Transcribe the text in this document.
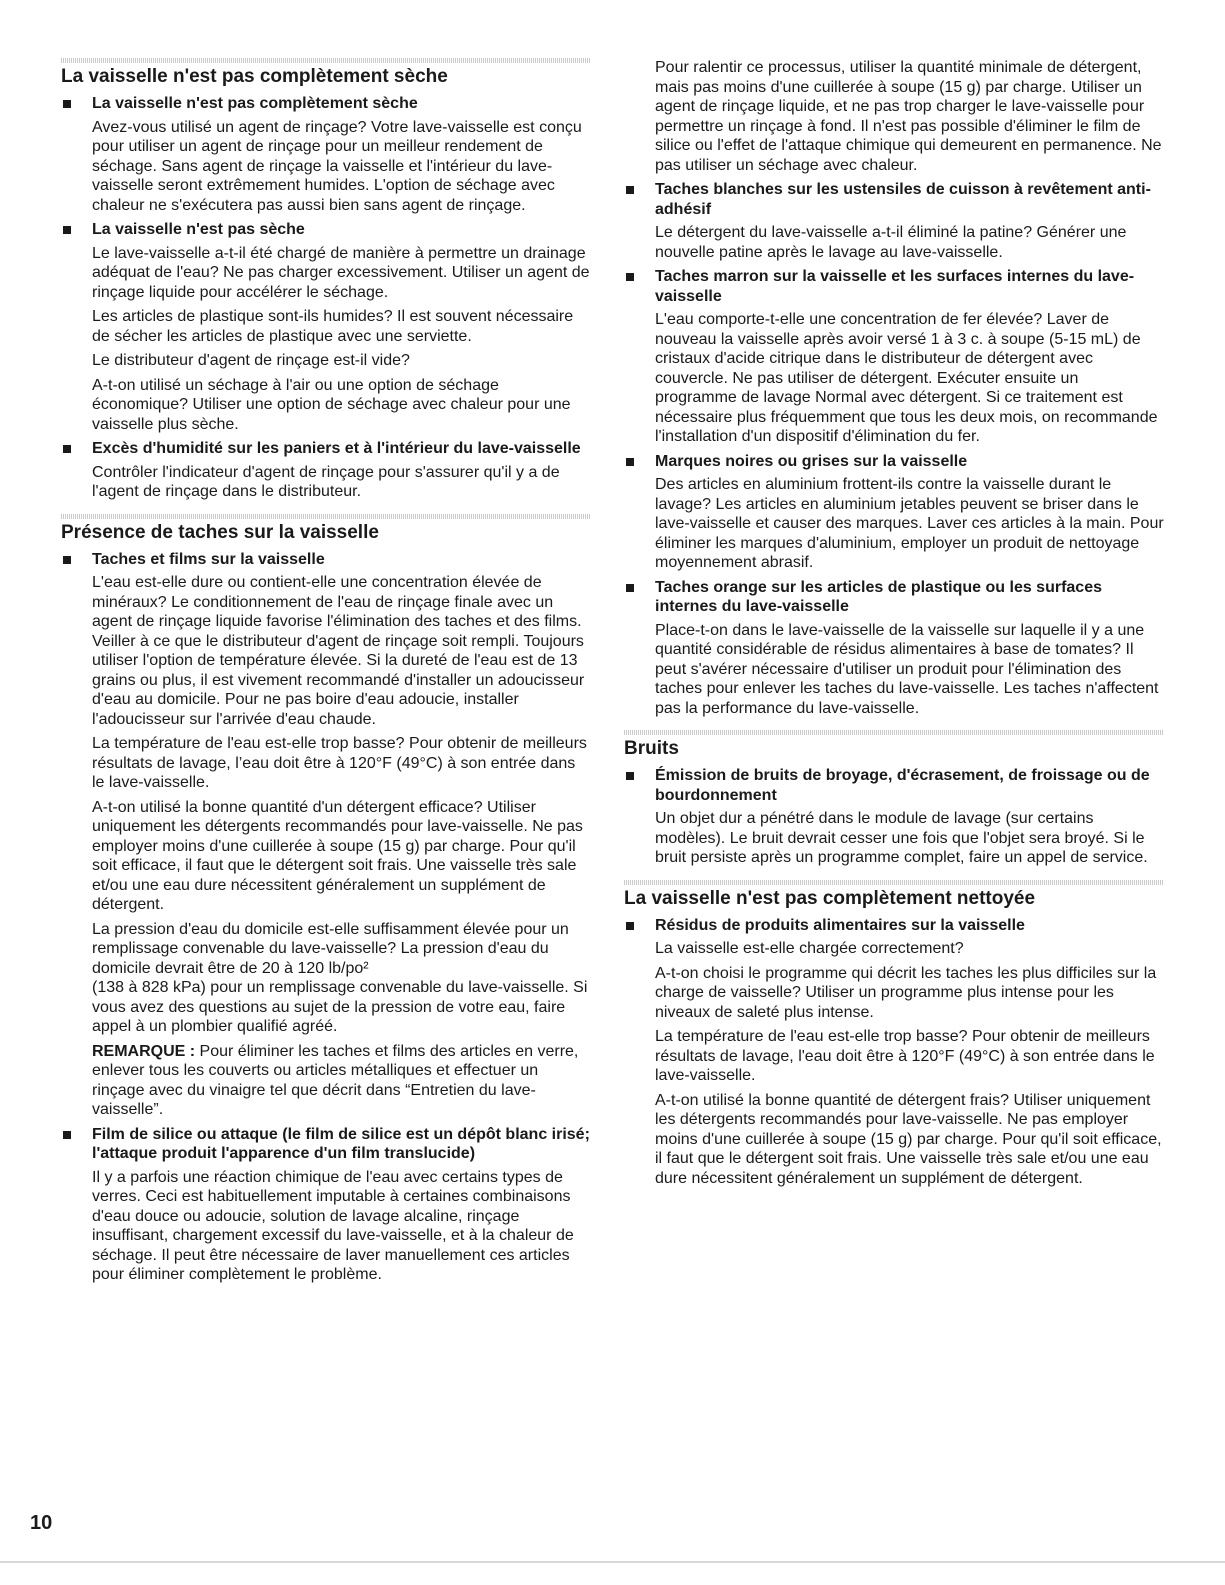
La vaisselle n'est pas complètement sèche
La vaisselle n'est pas complètement sèche
Avez-vous utilisé un agent de rinçage? Votre lave-vaisselle est conçu pour utiliser un agent de rinçage pour un meilleur rendement de séchage. Sans agent de rinçage la vaisselle et l'intérieur du lave-vaisselle seront extrêmement humides. L'option de séchage avec chaleur ne s'exécutera pas aussi bien sans agent de rinçage.
La vaisselle n'est pas sèche
Le lave-vaisselle a-t-il été chargé de manière à permettre un drainage adéquat de l'eau? Ne pas charger excessivement. Utiliser un agent de rinçage liquide pour accélérer le séchage.
Les articles de plastique sont-ils humides? Il est souvent nécessaire de sécher les articles de plastique avec une serviette.
Le distributeur d'agent de rinçage est-il vide?
A-t-on utilisé un séchage à l'air ou une option de séchage économique? Utiliser une option de séchage avec chaleur pour une vaisselle plus sèche.
Excès d'humidité sur les paniers et à l'intérieur du lave-vaisselle
Contrôler l'indicateur d'agent de rinçage pour s'assurer qu'il y a de l'agent de rinçage dans le distributeur.
Présence de taches sur la vaisselle
Taches et films sur la vaisselle
L'eau est-elle dure ou contient-elle une concentration élevée de minéraux? Le conditionnement de l'eau de rinçage finale avec un agent de rinçage liquide favorise l'élimination des taches et des films. Veiller à ce que le distributeur d'agent de rinçage soit rempli. Toujours utiliser l'option de température élevée. Si la dureté de l'eau est de 13 grains ou plus, il est vivement recommandé d'installer un adoucisseur d'eau au domicile. Pour ne pas boire d'eau adoucie, installer l'adoucisseur sur l'arrivée d'eau chaude.
La température de l'eau est-elle trop basse? Pour obtenir de meilleurs résultats de lavage, l’eau doit être à 120°F (49°C) à son entrée dans le lave-vaisselle.
A-t-on utilisé la bonne quantité d'un détergent efficace? Utiliser uniquement les détergents recommandés pour lave-vaisselle. Ne pas employer moins d'une cuillerée à soupe (15 g) par charge. Pour qu'il soit efficace, il faut que le détergent soit frais. Une vaisselle très sale et/ou une eau dure nécessitent généralement un supplément de détergent.
La pression d'eau du domicile est-elle suffisamment élevée pour un remplissage convenable du lave-vaisselle? La pression d'eau du domicile devrait être de 20 à 120 lb/po²
(138 à 828 kPa) pour un remplissage convenable du lave-vaisselle. Si vous avez des questions au sujet de la pression de votre eau, faire appel à un plombier qualifié agréé.
REMARQUE : Pour éliminer les taches et films des articles en verre, enlever tous les couverts ou articles métalliques et effectuer un rinçage avec du vinaigre tel que décrit dans “Entretien du lave-vaisselle”.
Film de silice ou attaque (le film de silice est un dépôt blanc irisé; l'attaque produit l'apparence d'un film translucide)
Il y a parfois une réaction chimique de l'eau avec certains types de verres. Ceci est habituellement imputable à certaines combinaisons d'eau douce ou adoucie, solution de lavage alcaline, rinçage insuffisant, chargement excessif du lave-vaisselle, et à la chaleur de séchage. Il peut être nécessaire de laver manuellement ces articles pour éliminer complètement le problème.
Pour ralentir ce processus, utiliser la quantité minimale de détergent, mais pas moins d'une cuillerée à soupe (15 g) par charge. Utiliser un agent de rinçage liquide, et ne pas trop charger le lave-vaisselle pour permettre un rinçage à fond. Il n'est pas possible d'éliminer le film de silice ou l'effet de l'attaque chimique qui demeurent en permanence. Ne pas utiliser un séchage avec chaleur.
Taches blanches sur les ustensiles de cuisson à revêtement anti-adhésif
Le détergent du lave-vaisselle a-t-il éliminé la patine? Générer une nouvelle patine après le lavage au lave-vaisselle.
Taches marron sur la vaisselle et les surfaces internes du lave-vaisselle
L'eau comporte-t-elle une concentration de fer élevée? Laver de nouveau la vaisselle après avoir versé 1 à 3 c. à soupe (5-15 mL) de cristaux d'acide citrique dans le distributeur de détergent avec couvercle. Ne pas utiliser de détergent. Exécuter ensuite un programme de lavage Normal avec détergent. Si ce traitement est nécessaire plus fréquemment que tous les deux mois, on recommande l'installation d'un dispositif d'élimination du fer.
Marques noires ou grises sur la vaisselle
Des articles en aluminium frottent-ils contre la vaisselle durant le lavage? Les articles en aluminium jetables peuvent se briser dans le lave-vaisselle et causer des marques. Laver ces articles à la main. Pour éliminer les marques d'aluminium, employer un produit de nettoyage moyennement abrasif.
Taches orange sur les articles de plastique ou les surfaces internes du lave-vaisselle
Place-t-on dans le lave-vaisselle de la vaisselle sur laquelle il y a une quantité considérable de résidus alimentaires à base de tomates? Il peut s'avérer nécessaire d'utiliser un produit pour l'élimination des taches pour enlever les taches du lave-vaisselle. Les taches n'affectent pas la performance du lave-vaisselle.
Bruits
Émission de bruits de broyage, d'écrasement, de froissage ou de bourdonnement
Un objet dur a pénétré dans le module de lavage (sur certains modèles). Le bruit devrait cesser une fois que l'objet sera broyé. Si le bruit persiste après un programme complet, faire un appel de service.
La vaisselle n'est pas complètement nettoyée
Résidus de produits alimentaires sur la vaisselle
La vaisselle est-elle chargée correctement?
A-t-on choisi le programme qui décrit les taches les plus difficiles sur la charge de vaisselle? Utiliser un programme plus intense pour les niveaux de saleté plus intense.
La température de l'eau est-elle trop basse? Pour obtenir de meilleurs résultats de lavage, l'eau doit être à 120°F (49°C) à son entrée dans le lave-vaisselle.
A-t-on utilisé la bonne quantité de détergent frais? Utiliser uniquement les détergents recommandés pour lave-vaisselle. Ne pas employer moins d'une cuillerée à soupe (15 g) par charge. Pour qu'il soit efficace, il faut que le détergent soit frais. Une vaisselle très sale et/ou une eau dure nécessitent généralement un supplément de détergent.
10
